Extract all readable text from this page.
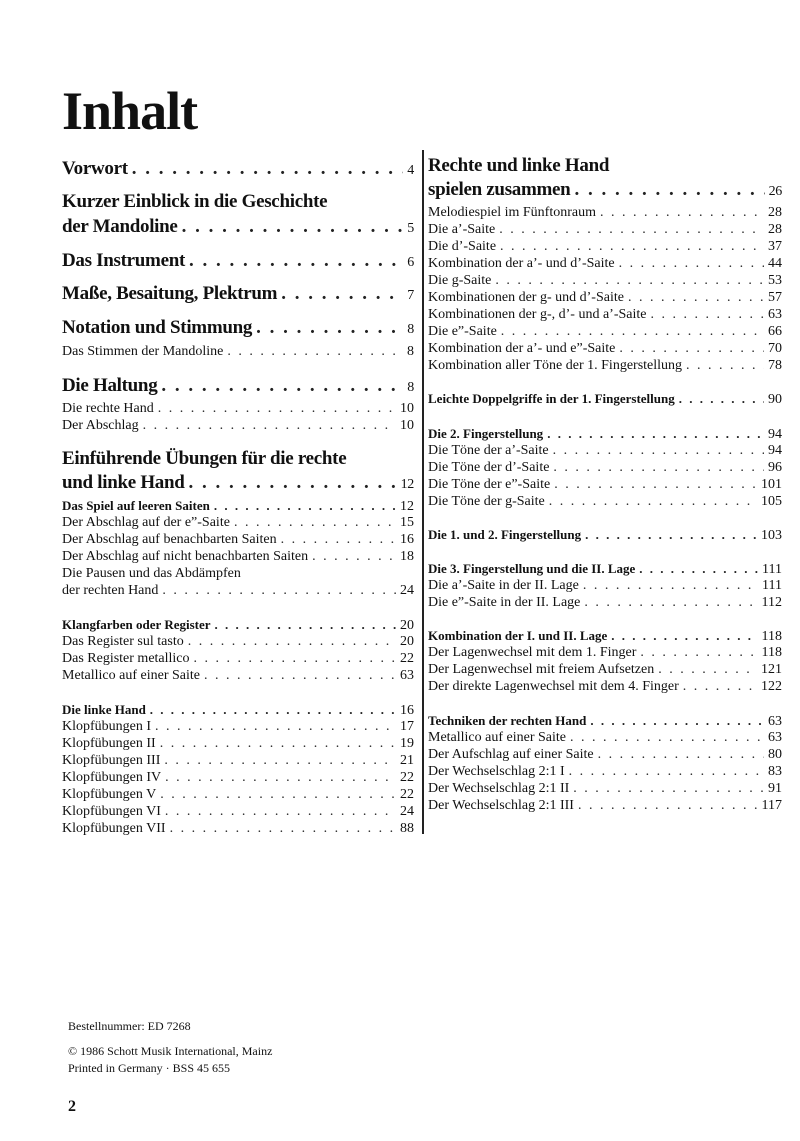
Inhalt
Vorwort . . .	4
Kurzer Einblick in die Geschichte
der Mandoline . . .	5
Das Instrument . . .	6
Maße, Besaitung, Plektrum . . .	7
Notation und Stimmung . . .	8
Das Stimmen der Mandoline . . .	8
Die Haltung . . .	8
Die rechte Hand . . .	10
Der Abschlag . . .	10
Einführende Übungen für die rechte
und linke Hand . . .	12
Das Spiel auf leeren Saiten . . .	12
Der Abschlag auf der e”-Saite . . .	15
Der Abschlag auf benachbarten Saiten . . .	16
Der Abschlag auf nicht benachbarten Saiten . . .	18
Die Pausen und das Abdämpfen
der rechten Hand . . .	24
Klangfarben oder Register . . .	20
Das Register sul tasto . . .	20
Das Register metallico . . .	22
Metallico auf einer Saite . . .	63
Die linke Hand . . .	16
Klopfübungen I . . .	17
Klopfübungen II . . .	19
Klopfübungen III . . .	21
Klopfübungen IV . . .	22
Klopfübungen V . . .	22
Klopfübungen VI . . .	24
Klopfübungen VII . . .	88
Rechte und linke Hand
spielen zusammen . . .	26
Melodiespiel im Fünftonraum . . .	28
Die a’-Saite . . .	28
Die d’-Saite . . .	37
Kombination der a’- und d’-Saite . . .	44
Die g-Saite . . .	53
Kombinationen der g- und d’-Saite . . .	57
Kombinationen der g-, d’- und a’-Saite . . .	63
Die e”-Saite . . .	66
Kombination der a’- und e”-Saite . . .	70
Kombination aller Töne der 1. Fingerstellung . . .	78
Leichte Doppelgriffe in der 1. Fingerstellung . . .	90
Die 2. Fingerstellung . . .	94
Die Töne der a’-Saite . . .	94
Die Töne der d’-Saite . . .	96
Die Töne der e”-Saite . . .	101
Die Töne der g-Saite . . .	105
Die 1. und 2. Fingerstellung . . .	103
Die 3. Fingerstellung und die II. Lage . . .	111
Die a’-Saite in der II. Lage . . .	111
Die e”-Saite in der II. Lage . . .	112
Kombination der I. und II. Lage . . .	118
Der Lagenwechsel mit dem 1. Finger . . .	118
Der Lagenwechsel mit freiem Aufsetzen . . .	121
Der direkte Lagenwechsel mit dem 4. Finger . . .	122
Techniken der rechten Hand . . .	63
Metallico auf einer Saite . . .	63
Der Aufschlag auf einer Saite . . .	80
Der Wechselschlag 2:1 I . . .	83
Der Wechselschlag 2:1 II . . .	91
Der Wechselschlag 2:1 III . . .	117
Bestellnummer: ED 7268
© 1986 Schott Musik International, Mainz
Printed in Germany · BSS 45 655
2
